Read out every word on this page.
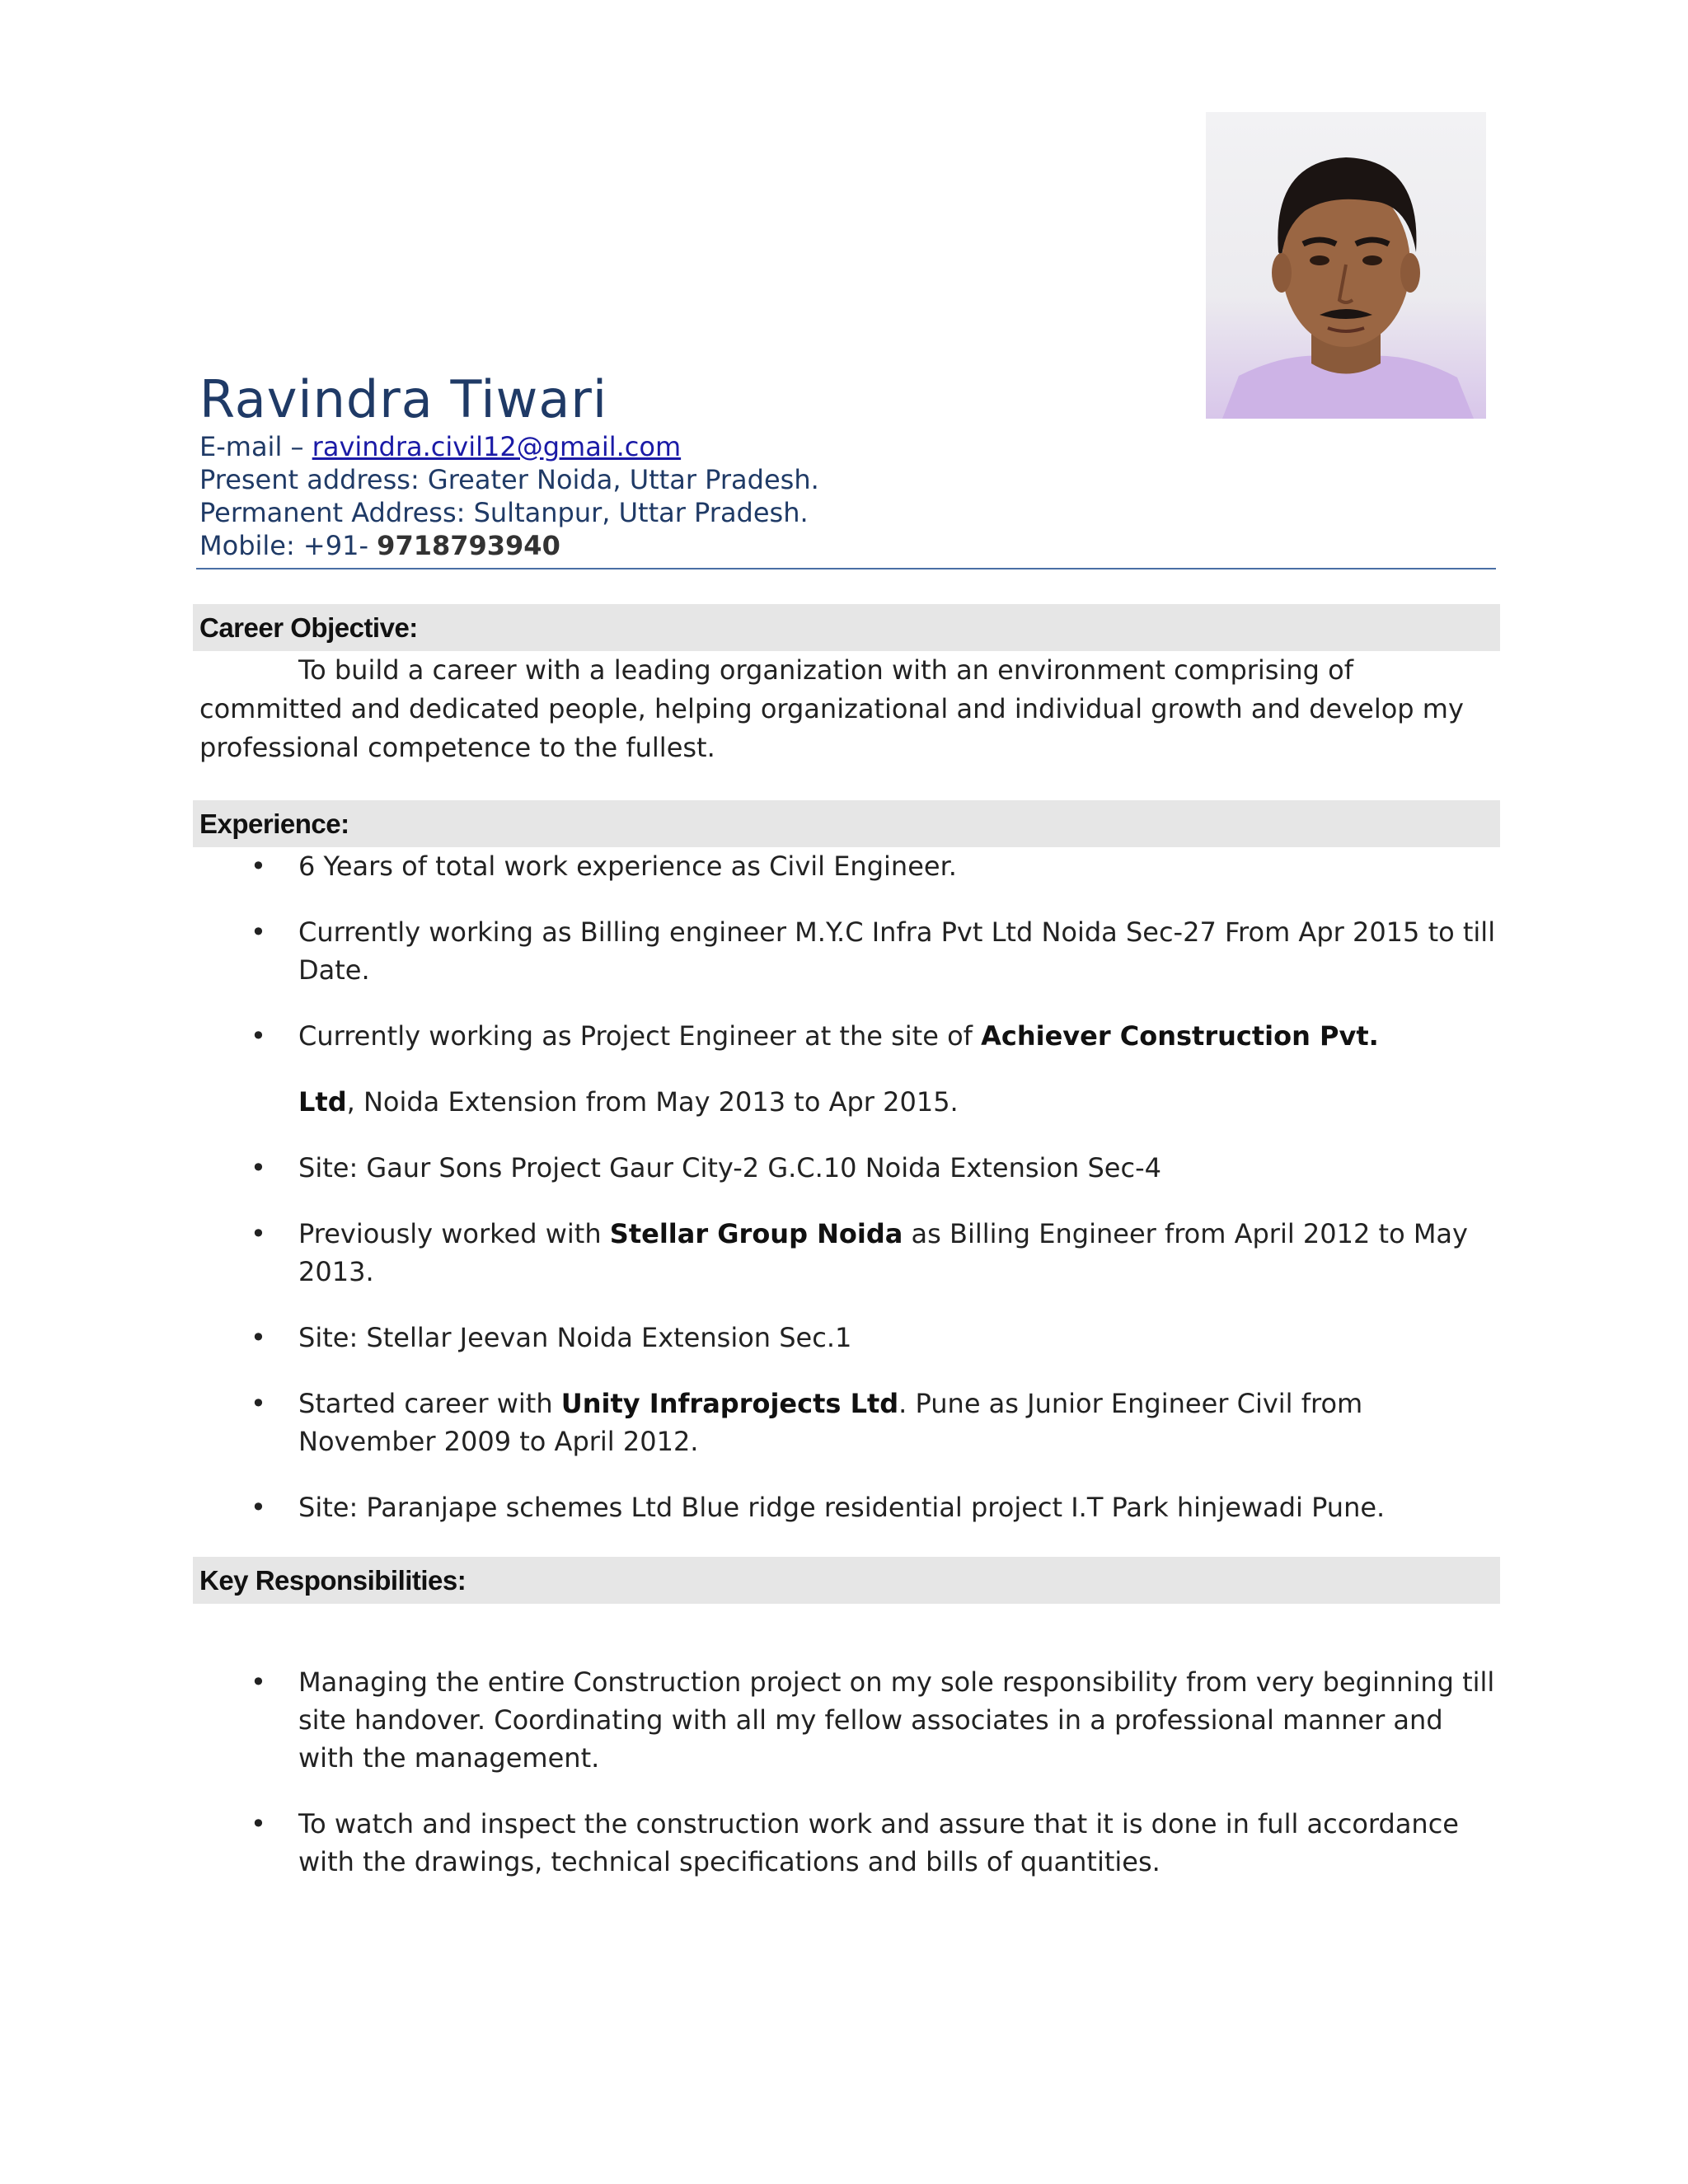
Ravindra Tiwari
E-mail – ravindra.civil12@gmail.com
Present address: Greater Noida, Uttar Pradesh.
Permanent Address: Sultanpur, Uttar Pradesh.
Mobile: +91- 9718793940
Career Objective:
To build a career with a leading organization with an environment comprising of committed and dedicated people, helping organizational and individual growth and develop my professional competence to the fullest.
Experience:
• 6 Years of total work experience as Civil Engineer.
• Currently working as Billing engineer M.Y.C Infra Pvt Ltd Noida Sec-27 From Apr 2015 to till Date.
• Currently working as Project Engineer at the site of Achiever Construction Pvt.
Ltd, Noida Extension from May 2013 to Apr 2015.
• Site: Gaur Sons Project Gaur City-2 G.C.10 Noida Extension Sec-4
• Previously worked with Stellar Group Noida as Billing Engineer from April 2012 to May 2013.
• Site: Stellar Jeevan Noida Extension Sec.1
• Started career with Unity Infraprojects Ltd. Pune as Junior Engineer Civil from November 2009 to April 2012.
• Site: Paranjape schemes Ltd Blue ridge residential project I.T Park hinjewadi Pune.
Key Responsibilities:
• Managing the entire Construction project on my sole responsibility from very beginning till site handover. Coordinating with all my fellow associates in a professional manner and with the management.
• To watch and inspect the construction work and assure that it is done in full accordance with the drawings, technical specifications and bills of quantities.
